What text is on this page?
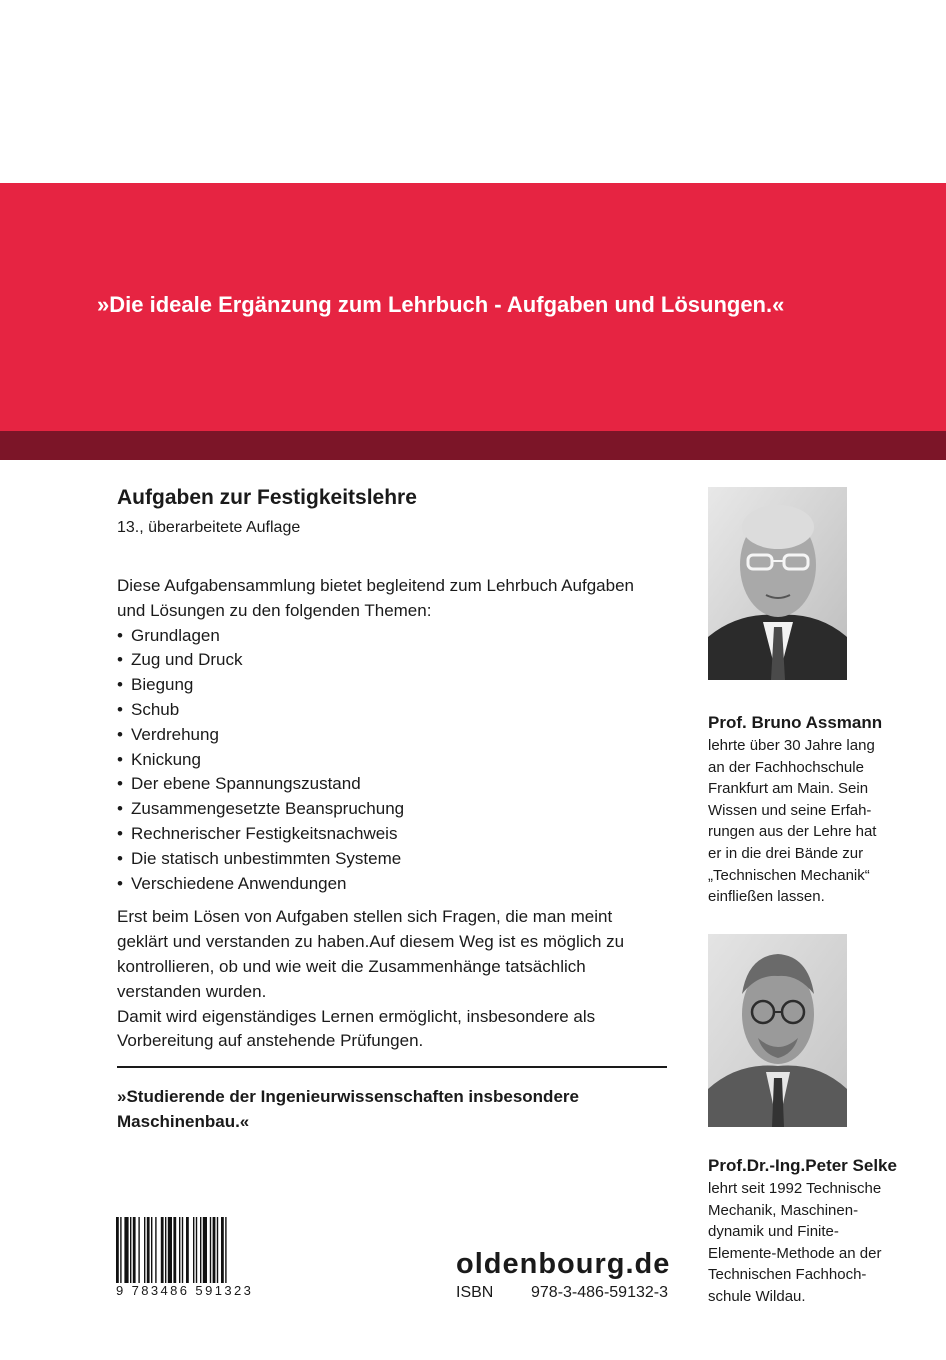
»Die ideale Ergänzung zum Lehrbuch - Aufgaben und Lösungen.«
Aufgaben zur Festigkeitslehre
13., überarbeitete Auflage
Diese Aufgabensammlung bietet begleitend zum Lehrbuch Aufgaben
und Lösungen zu den folgenden Themen:
• Grundlagen
• Zug und Druck
• Biegung
• Schub
• Verdrehung
• Knickung
• Der ebene Spannungszustand
• Zusammengesetzte Beanspruchung
• Rechnerischer Festigkeitsnachweis
• Die statisch unbestimmten Systeme
• Verschiedene Anwendungen
Erst beim Lösen von Aufgaben stellen sich Fragen, die man meint
geklärt und verstanden zu haben.Auf diesem Weg ist es möglich zu
kontrollieren, ob und wie weit die Zusammenhänge tatsächlich
verstanden wurden.
Damit wird eigenständiges Lernen ermöglicht, insbesondere als
Vorbereitung auf anstehende Prüfungen.
»Studierende der Ingenieurwissenschaften insbesondere
Maschinenbau.«
Prof. Bruno Assmann
lehrte über 30 Jahre lang
an der Fachhochschule
Frankfurt am Main. Sein
Wissen und seine Erfah-
rungen aus der Lehre hat
er in die drei Bände zur
„Technischen Mechanik“
einfließen lassen.
Prof.Dr.-Ing.Peter Selke
lehrt seit 1992 Technische
Mechanik, Maschinen-
dynamik und Finite-
Elemente-Methode an der
Technischen Fachhoch-
schule Wildau.
9 783486 591323
oldenbourg.de
ISBN 978-3-486-59132-3
